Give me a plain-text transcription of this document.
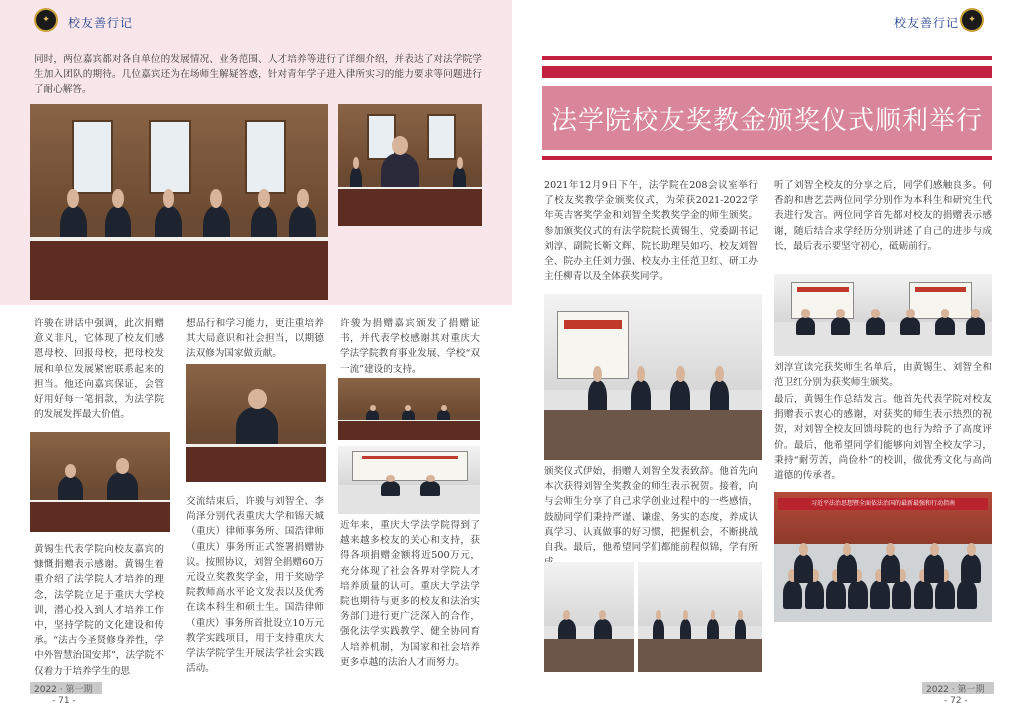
✦ 校友善行记

同时，两位嘉宾都对各自单位的发展情况、业务范围、人才培养等进行了详细介绍，并表达了对法学院学生加入团队的期待。几位嘉宾还为在场师生解疑答惑，针对青年学子进入律所实习的能力要求等问题进行了耐心解答。

许骏在讲话中强调，此次捐赠意义非凡，它体现了校友们感恩母校、回报母校，把母校发展和单位发展紧密联系起来的担当。他还向嘉宾保证，会管好用好每一笔捐款，为法学院的发展发挥最大价值。

黄锡生代表学院向校友嘉宾的慷慨捐赠表示感谢。黄锡生着重介绍了法学院人才培养的理念，法学院立足于重庆大学校训，潜心投入到人才培养工作中，坚持学院的文化建设和传承。“法古今圣贤修身养性，学中外智慧治国安邦”，法学院不仅着力于培养学生的思

想品行和学习能力，更注重培养其大局意识和社会担当，以期德法双修为国家做贡献。

交流结束后，许骏与刘智全、李尚泽分别代表重庆大学和锦天城（重庆）律师事务所、国浩律师（重庆）事务所正式签署捐赠协议。按照协议，刘智全捐赠60万元设立奖教奖学金，用于奖励学院教师高水平论文发表以及优秀在读本科生和硕士生。国浩律师（重庆）事务所首批设立10万元教学实践项目，用于支持重庆大学法学院学生开展法学社会实践活动。

许骏为捐赠嘉宾颁发了捐赠证书，并代表学校感谢其对重庆大学法学院教育事业发展、学校“双一流”建设的支持。

近年来，重庆大学法学院得到了越来越多校友的关心和支持，获得各项捐赠金额将近500万元，充分体现了社会各界对学院人才培养质量的认可。重庆大学法学院也期待与更多的校友和法治实务部门进行更广泛深入的合作，强化法学实践教学、健全协同育人培养机制，为国家和社会培养更多卓越的法治人才而努力。

2022 · 第一期
- 71 -
校友善行记 ✦
法学院校友奖教金颁奖仪式顺利举行

2021年12月9日下午，法学院在208会议室举行了校友奖教学金颁奖仪式，为荣获2021-2022学年英吉客奖学金和刘智全奖教奖学金的师生颁奖。参加颁奖仪式的有法学院院长黄锡生、党委副书记刘淳、副院长靳文辉、院长助理吴如巧、校友刘智全、院办主任刘力强、校友办主任范卫红、研工办主任柳青以及全体获奖同学。

颁奖仪式伊始，捐赠人刘智全发表致辞。他首先向本次获得刘智全奖教金的师生表示祝贺。接着，向与会师生分享了自己求学创业过程中的一些感悟，鼓励同学们秉持严谨、谦虚、务实的态度，养成认真学习、认真做事的好习惯，把握机会，不断挑战自我。最后，他希望同学们都能前程似锦，学有所

听了刘智全校友的分享之后，同学们感触良多。何香韵和唐艺芸两位同学分别作为本科生和研究生代表进行发言。两位同学首先都对校友的捐赠表示感谢，随后结合求学经历分别讲述了自己的进步与成长，最后表示要坚守初心，砥砺前行。

刘淳宣读完获奖师生名单后，由黄锡生、刘智全和范卫红分别为获奖师生颁奖。

最后，黄锡生作总结发言。他首先代表学院对校友捐赠表示衷心的感谢，对获奖的师生表示热烈的祝贺，对刘智全校友回馈母院的也行为给予了高度评价。最后，他希望同学们能够向刘智全校友学习，秉持“耐劳苦，尚俭朴”的校训，做优秀文化与高尚道德的传承者。

习近平法治思想暨全面依法治国的最新最强和行动指南
2022 · 第一期
- 72 -
